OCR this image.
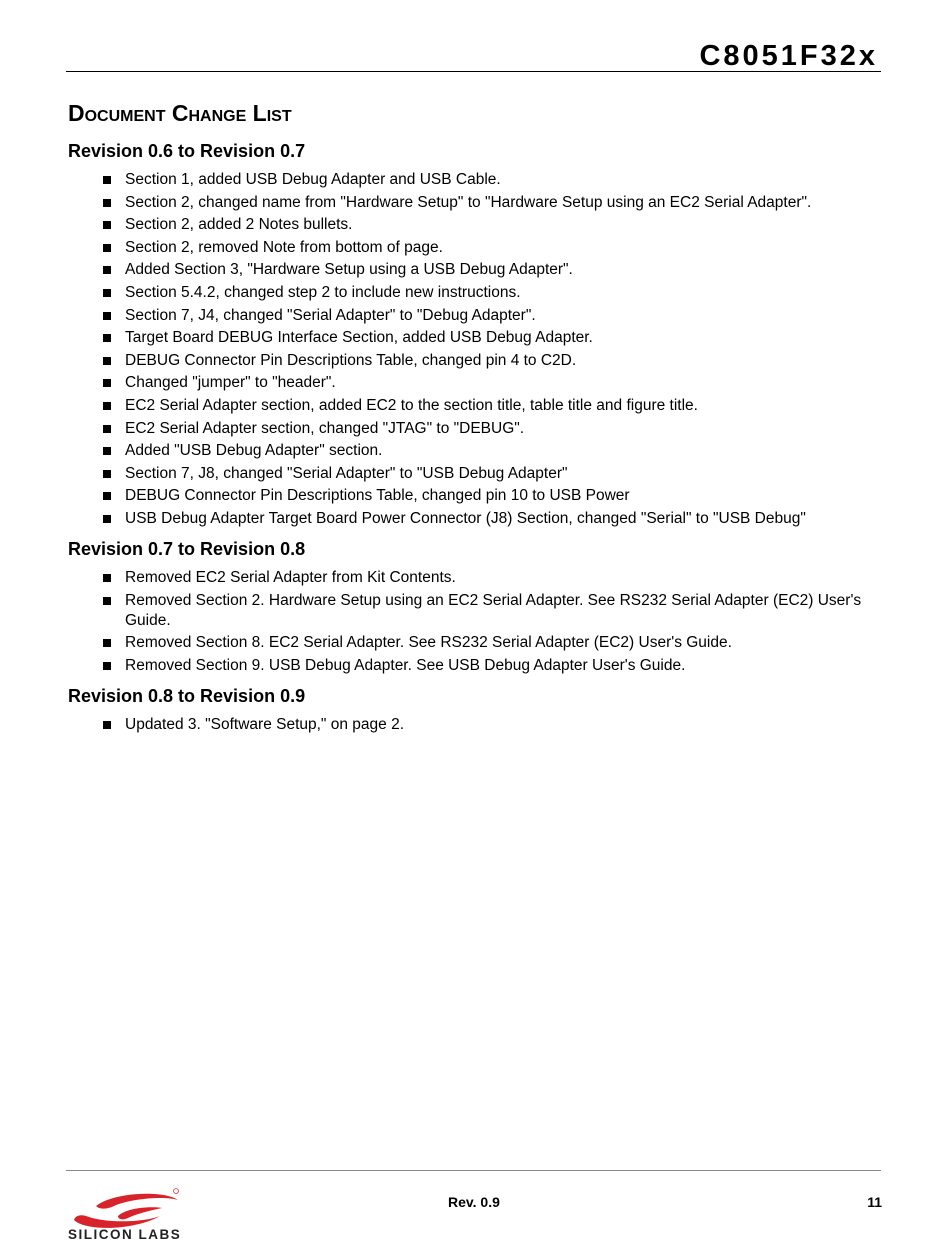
C8051F32x
Document Change List
Revision 0.6 to Revision 0.7
Section 1, added USB Debug Adapter and USB Cable.
Section 2, changed name from "Hardware Setup" to "Hardware Setup using an EC2 Serial Adapter".
Section 2, added 2 Notes bullets.
Section 2, removed Note from bottom of page.
Added Section 3, "Hardware Setup using a USB Debug Adapter".
Section 5.4.2, changed step 2 to include new instructions.
Section 7, J4, changed "Serial Adapter" to "Debug Adapter".
Target Board DEBUG Interface Section, added USB Debug Adapter.
DEBUG Connector Pin Descriptions Table, changed pin 4 to C2D.
Changed "jumper" to "header".
EC2 Serial Adapter section, added EC2 to the section title, table title and figure title.
EC2 Serial Adapter section, changed "JTAG" to "DEBUG".
Added "USB Debug Adapter" section.
Section 7, J8, changed "Serial Adapter" to "USB Debug Adapter"
DEBUG Connector Pin Descriptions Table, changed pin 10 to USB Power
USB Debug Adapter Target Board Power Connector (J8) Section, changed "Serial" to "USB Debug"
Revision 0.7 to Revision 0.8
Removed EC2 Serial Adapter from Kit Contents.
Removed Section 2. Hardware Setup using an EC2 Serial Adapter. See RS232 Serial Adapter (EC2) User's Guide.
Removed Section 8. EC2 Serial Adapter. See RS232 Serial Adapter (EC2) User's Guide.
Removed Section 9. USB Debug Adapter. See USB Debug Adapter User's Guide.
Revision 0.8 to Revision 0.9
Updated 3. "Software Setup," on page 2.
SILICON LABS
Rev. 0.9	11
